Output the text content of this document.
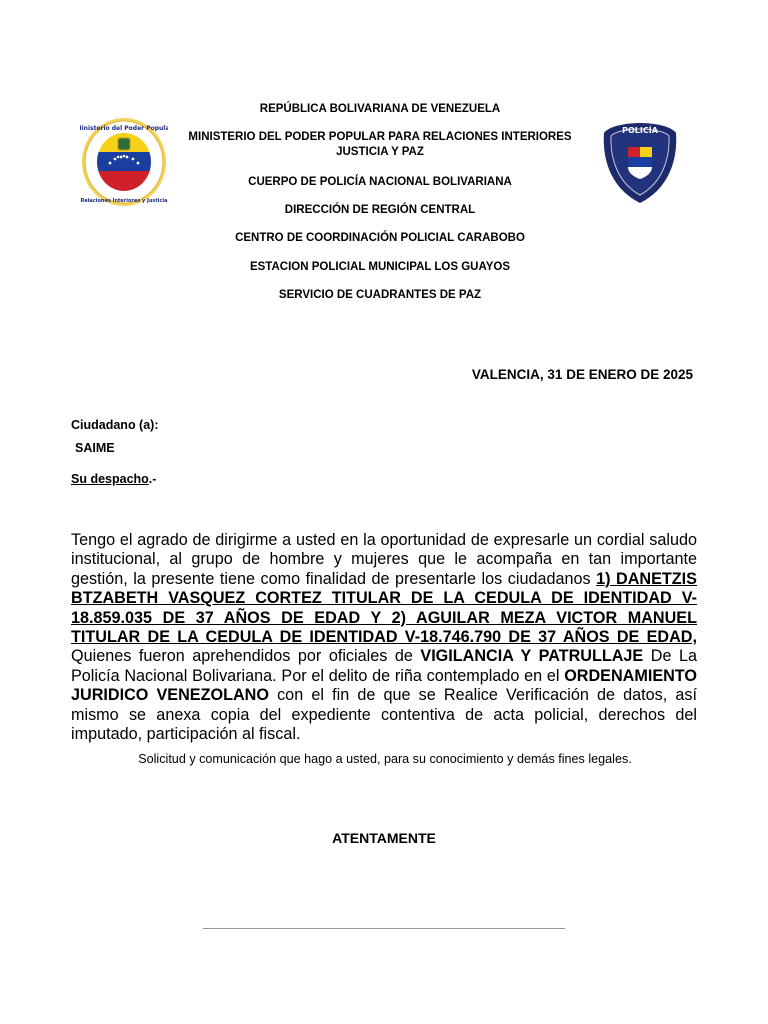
Ministerio del Poder Popular
Relaciones Interiores y Justicia
POLICÍA
REPÚBLICA BOLIVARIANA DE VENEZUELA
MINISTERIO DEL PODER POPULAR PARA RELACIONES INTERIORES JUSTICIA Y PAZ
CUERPO DE POLICÍA NACIONAL BOLIVARIANA
DIRECCIÓN DE REGIÓN CENTRAL
CENTRO DE COORDINACIÓN POLICIAL CARABOBO
ESTACION POLICIAL MUNICIPAL LOS GUAYOS
SERVICIO DE CUADRANTES DE PAZ
VALENCIA, 31 DE ENERO DE 2025
Ciudadano (a):
SAIME
Su despacho.-
Tengo el agrado de dirigirme a usted en la oportunidad de expresarle un cordial saludo institucional, al grupo de hombre y mujeres que le acompaña en tan importante gestión, la presente tiene como finalidad de presentarle los ciudadanos 1) DANETZIS BTZABETH VASQUEZ CORTEZ TITULAR DE LA CEDULA DE IDENTIDAD V-18.859.035 DE 37 AÑOS DE EDAD Y 2) AGUILAR MEZA VICTOR MANUEL TITULAR DE LA CEDULA DE IDENTIDAD V-18.746.790 DE 37 AÑOS DE EDAD, Quienes fueron aprehendidos por oficiales de VIGILANCIA Y PATRULLAJE De La Policía Nacional Bolivariana. Por el delito de riña contemplado en el ORDENAMIENTO JURIDICO VENEZOLANO con el fin de que se Realice Verificación de datos, así mismo se anexa copia del expediente contentiva de acta policial, derechos del imputado, participación al fiscal.
Solicitud y comunicación que hago a usted, para su conocimiento y demás fines legales.
ATENTAMENTE
